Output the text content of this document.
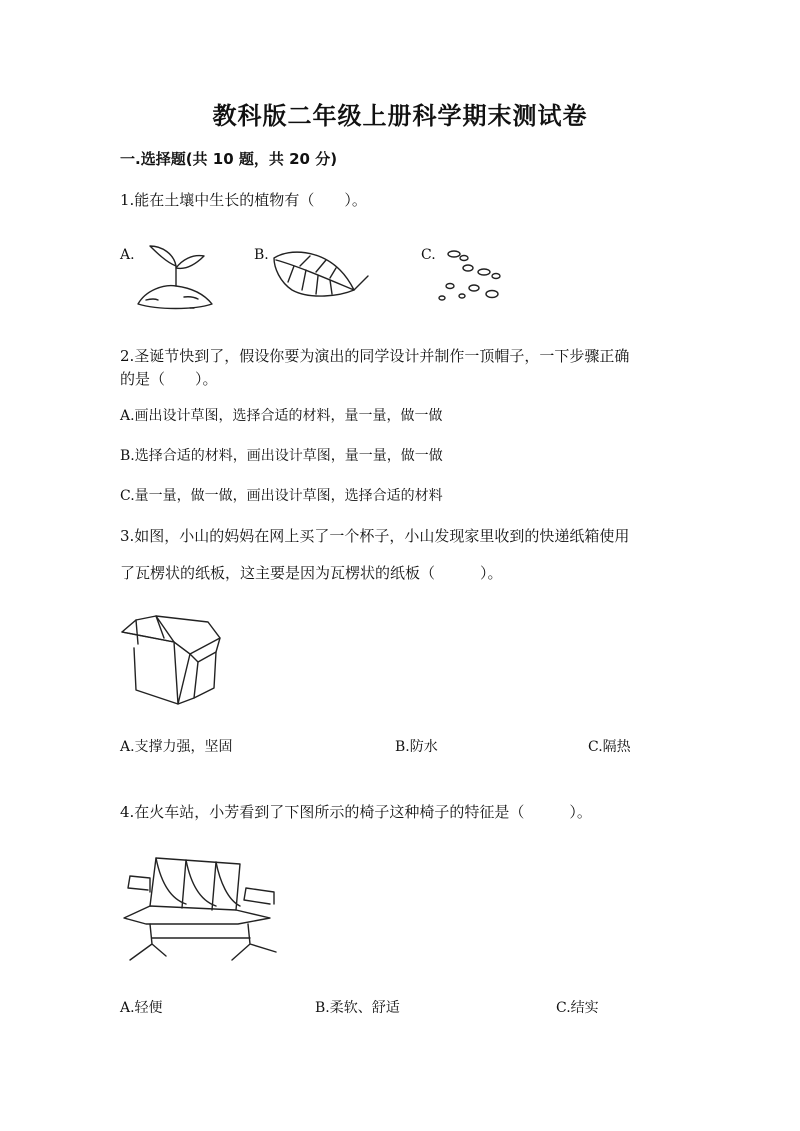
教科版二年级上册科学期末测试卷
一.选择题(共 10 题，共 20 分)
1.能在土壤中生长的植物有（　　）。
A.	B.	C.
2.圣诞节快到了，假设你要为演出的同学设计并制作一顶帽子，一下步骤正确
的是（　　）。
A.画出设计草图，选择合适的材料，量一量，做一做
B.选择合适的材料，画出设计草图，量一量，做一做
C.量一量，做一做，画出设计草图，选择合适的材料
3.如图，小山的妈妈在网上买了一个杯子，小山发现家里收到的快递纸箱使用
了瓦楞状的纸板，这主要是因为瓦楞状的纸板（　　　）。
A.支撑力强，坚固	B.防水	C.隔热
4.在火车站，小芳看到了下图所示的椅子这种椅子的特征是（　　　）。
A.轻便	B.柔软、舒适	C.结实
